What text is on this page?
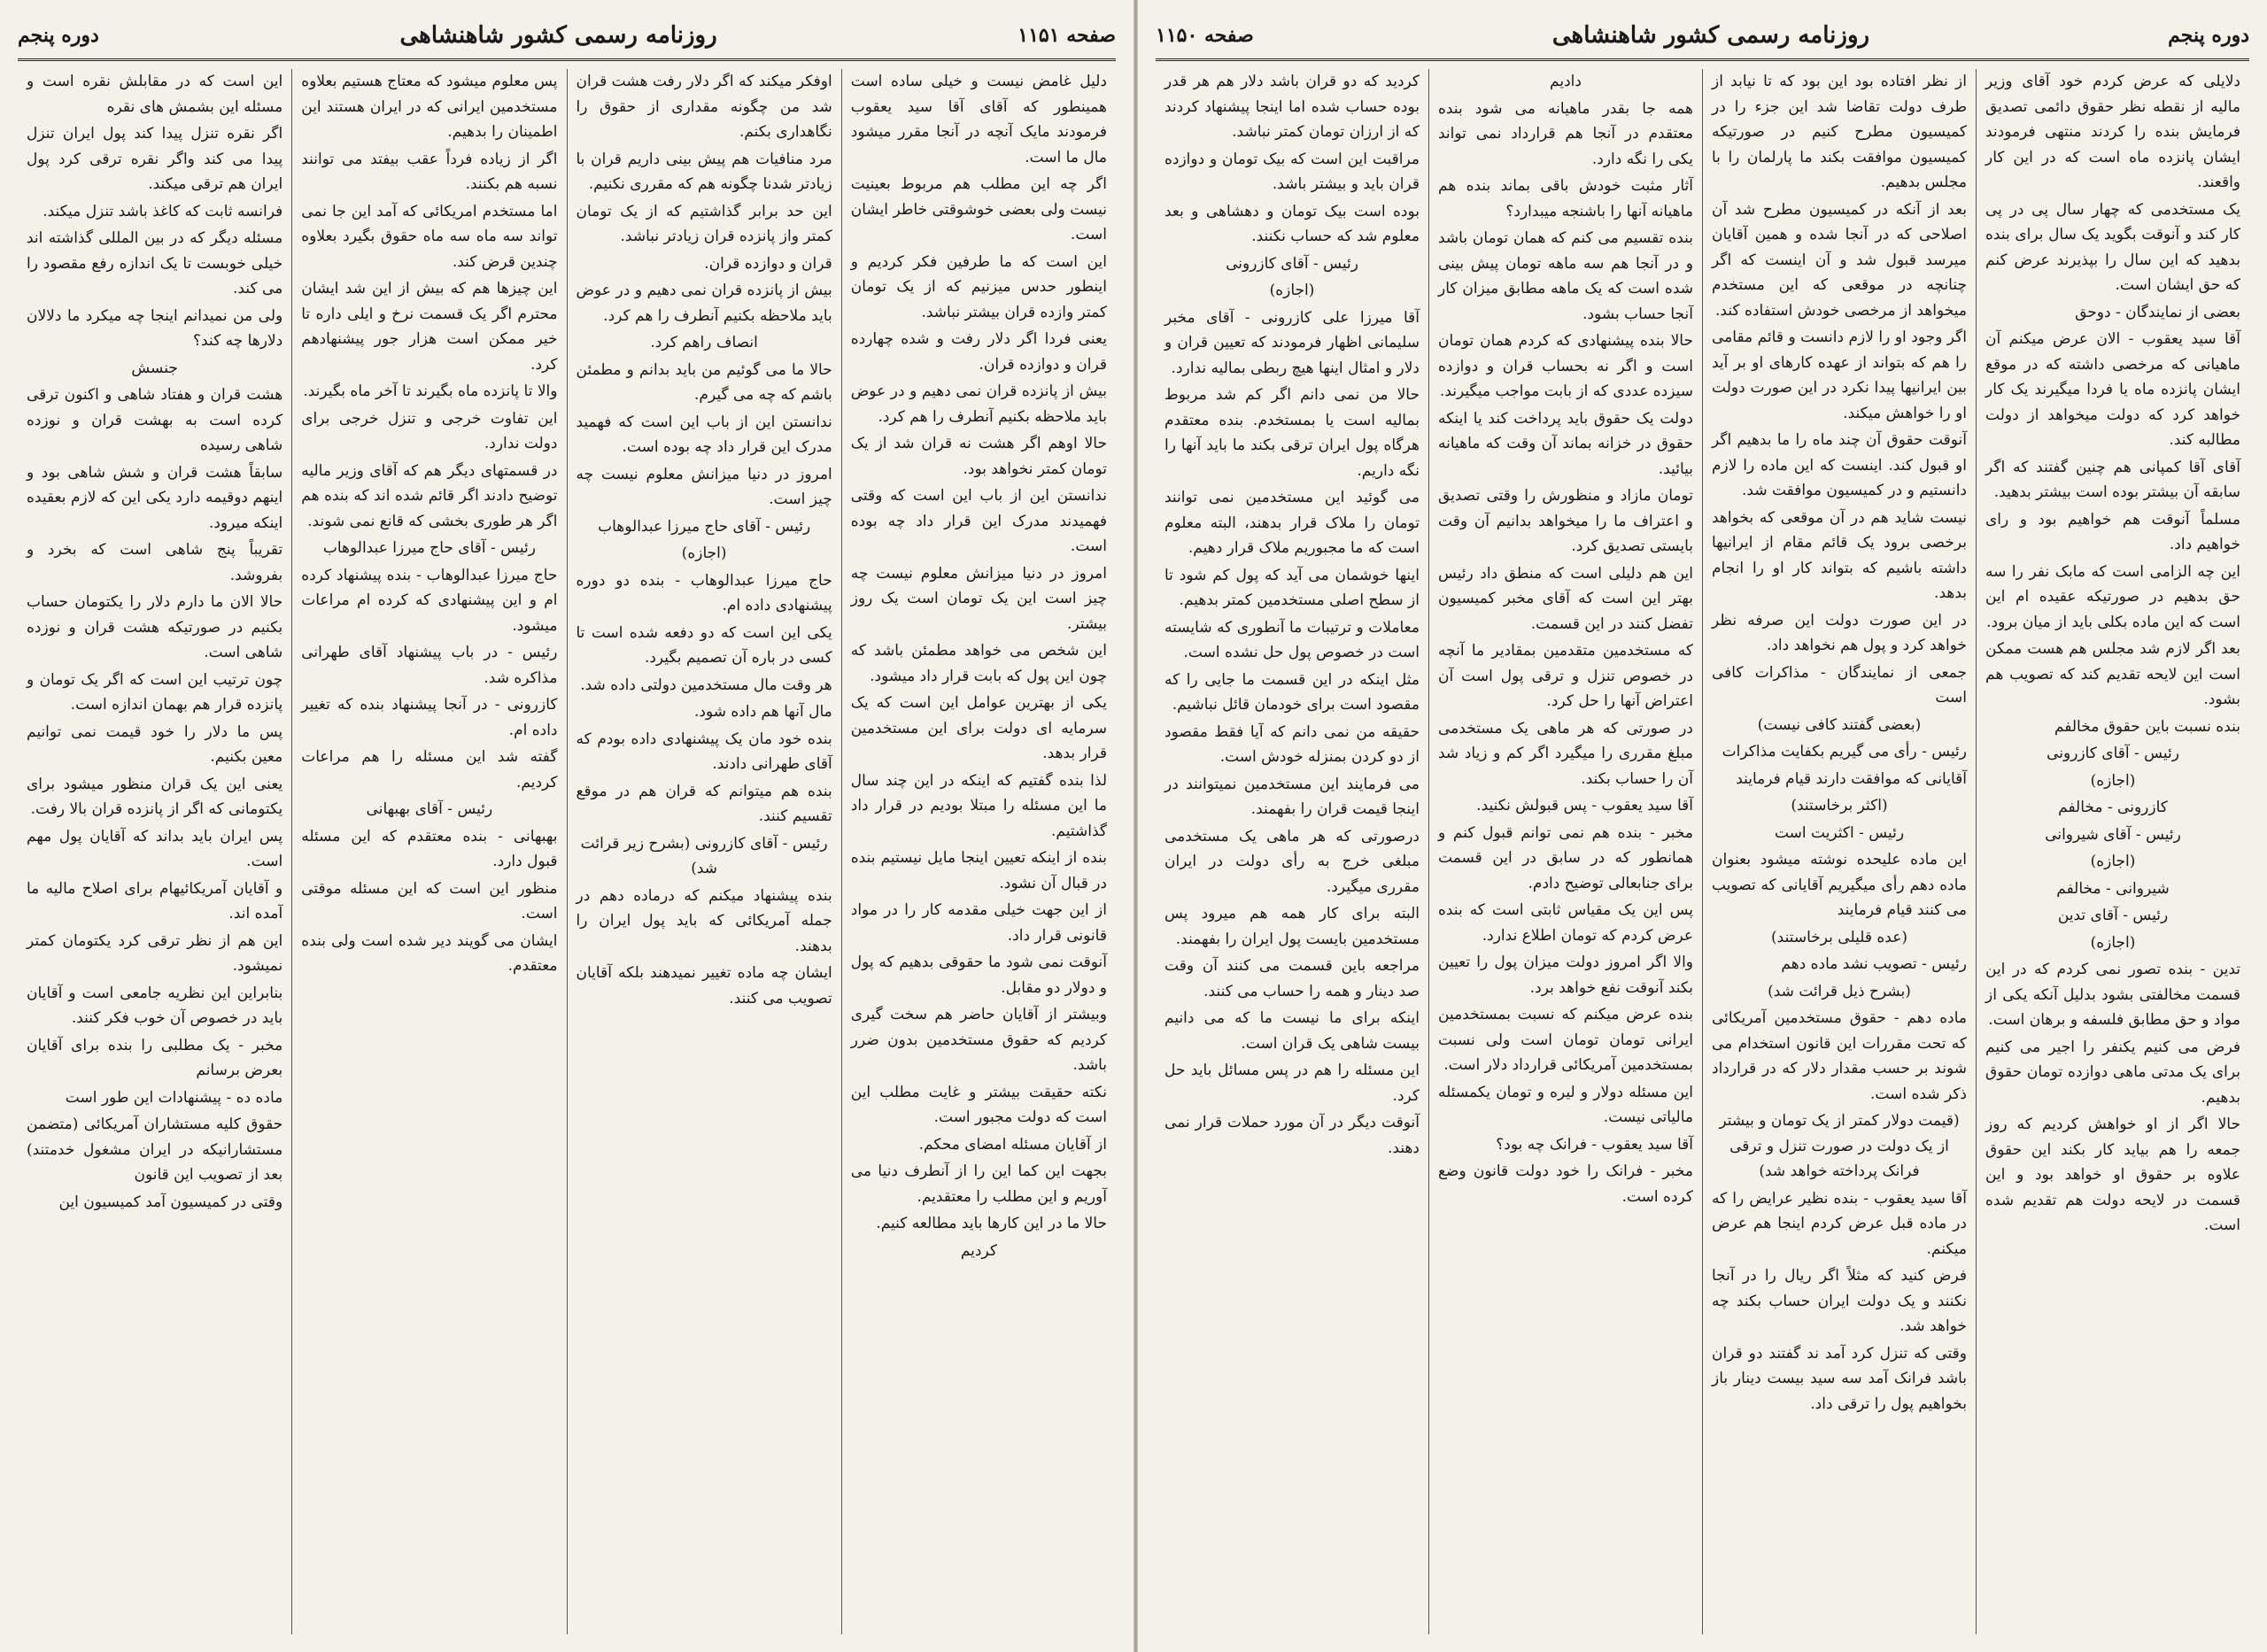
دوره پنجم	روزنامه رسمی کشور شاهنشاهی	صفحه ۱۱۵۱

دلیل غامض نیست و خیلی ساده است همینطور که آقای آقا سید یعقوب فرمودند مایک آنچه در آنجا مقرر میشود مال ما است.

اگر چه این مطلب هم مربوط بعینیت نیست ولی بعضی خوشوقتی خاطر ایشان است.

این است که ما طرفین فکر کردیم و اینطور حدس میزنیم که از یک تومان کمتر وازده قران بیشتر نباشد.

یعنی فردا اگر دلار رفت و شده چهارده قران و دوازده قران.

بیش از پانزده قران نمی دهیم و در عوض باید ملاحظه بکنیم آنطرف را هم کرد.

حالا اوهم اگر هشت نه قران شد از یک تومان کمتر نخواهد بود.

ندانستن این از باب این است که وقتی فهمیدند مدرک این قرار داد چه بوده است.

امروز در دنیا میزانش معلوم نیست چه چیز است این یک تومان است یک روز بیشتر.

این شخص می خواهد مطمئن باشد که چون این پول که بابت قرار داد میشود.

یکی از بهترین عوامل این است که یک سرمایه ای دولت برای این مستخدمین قرار بدهد.

لذا بنده گفتیم که اینکه در این چند سال ما این مسئله را مبتلا بودیم در قرار داد گذاشتیم.

بنده از اینکه تعیین اینجا مایل نیستیم بنده در قبال آن نشود.

از این جهت خیلی مقدمه کار را در مواد قانونی قرار داد.

آنوقت نمی شود ما حقوقی بدهیم که پول و دولار دو مقابل.

وبیشتر از آقایان حاضر هم سخت گیری کردیم که حقوق مستخدمین بدون ضرر باشد.

نکته حقیقت بیشتر و غایت مطلب این است که دولت مجبور است.

از آقایان مسئله امضای محکم.

بجهت این کما این را از آنطرف دنیا می آوریم و این مطلب را معتقدیم.

حالا ما در این کارها باید مطالعه کنیم.

کردیم

اوفکر میکند که اگر دلار رفت هشت قران شد من چگونه مقداری از حقوق را نگاهداری بکنم.

مرد منافیات هم پیش بینی داریم قران با زیادتر شدنا چگونه هم که مقرری نکنیم.

این حد برابر گذاشتیم که از یک تومان کمتر واز پانزده قران زیادتر نباشد.

قران و دوازده قران.

بیش از پانزده قران نمی دهیم و در عوض باید ملاحظه بکنیم آنطرف را هم کرد.

انصاف راهم کرد.

حالا ما می گوئیم من باید بدانم و مطمئن باشم که چه می گیرم.

ندانستن این از باب این است که فهمید مدرک این قرار داد چه بوده است.

امروز در دنیا میزانش معلوم نیست چه چیز است.

رئیس - آقای حاج میرزا عبدالوهاب

(اجازه)

حاج میرزا عبدالوهاب - بنده دو دوره پیشنهادی داده ام.

یکی این است که دو دفعه شده است تا کسی در باره آن تصمیم بگیرد.

هر وقت مال مستخدمین دولتی داده شد.

مال آنها هم داده شود.

بنده خود مان یک پیشنهادی داده بودم که آقای طهرانی دادند.

بنده هم میتوانم که قران هم در موقع تقسیم کنند.

رئیس - آقای کازرونی (بشرح زیر قرائت شد)

بنده پیشنهاد میکنم که درماده دهم در جمله آمریکائی که باید پول ایران را بدهند.

ایشان چه ماده تغییر نمیدهند بلکه آقایان تصویب می کنند.

پس معلوم میشود که معتاج هستیم بعلاوه مستخدمین ایرانی که در ایران هستند این اطمینان را بدهیم.

اگر از زیاده فرداً عقب بیفتد می توانند نسبه هم بکنند.

اما مستخدم امریکائی که آمد این جا نمی تواند سه ماه سه ماه حقوق بگیرد بعلاوه چندین قرض کند.

این چیزها هم که بیش از این شد ایشان محترم اگر یک قسمت نرخ و ایلی داره تا خیر ممکن است هزار جور پیشنهادهم کرد.

والا تا پانزده ماه بگیرند تا آخر ماه بگیرند.

این تفاوت خرجی و تنزل خرجی برای دولت ندارد.

در قسمتهای دیگر هم که آقای وزیر مالیه توضیح دادند اگر قائم شده اند که بنده هم اگر هر طوری بخشی که قانع نمی شوند.

رئیس - آقای حاج میرزا عبدالوهاب

حاج میرزا عبدالوهاب - بنده پیشنهاد کرده ام و این پیشنهادی که کرده ام مراعات میشود.

رئیس - در باب پیشنهاد آقای طهرانی مذاکره شد.

کازرونی - در آنجا پیشنهاد بنده که تغییر داده ام.

گفته شد این مسئله را هم مراعات کردیم.

رئیس - آقای بهبهانی

بهبهانی - بنده معتقدم که این مسئله قبول دارد.

منظور این است که این مسئله موقتی است.

ایشان می گویند دیر شده است ولی بنده معتقدم.

این است که در مقابلش نقره است و مسئله این بشمش های نقره

اگر نقره تنزل پیدا کند پول ایران تنزل پیدا می کند واگر نقره ترقی کرد پول ایران هم ترقی میکند.

فرانسه ثابت که کاغذ باشد تنزل میکند.

مسئله دیگر که در بین المللی گذاشته اند خیلی خوبست تا یک اندازه رفع مقصود را می کند.

ولی من نمیدانم اینجا چه میکرد ما دلالان دلارها چه کند؟

جنسش

هشت قران و هفتاد شاهی و اکنون ترقی کرده است به بهشت قران و نوزده شاهی رسیده

سابقاً هشت قران و شش شاهی بود و اینهم دوقیمه دارد یکی این که لازم بعقیده اینکه میرود.

تقریباً پنج شاهی است که بخرد و بفروشد.

حالا الان ما دارم دلار را یکتومان حساب بکنیم در صورتیکه هشت قران و نوزده شاهی است.

چون ترتیب این است که اگر یک تومان و پانزده قرار هم بهمان اندازه است.

پس ما دلار را خود قیمت نمی توانیم معین بکنیم.

یعنی این یک قران منظور میشود برای یکتومانی که اگر از پانزده قران بالا رفت.

پس ایران باید بداند که آقایان پول مهم است.

و آقایان آمریکائیهام برای اصلاح مالیه ما آمده اند.

این هم از نظر ترقی کرد یکتومان کمتر نمیشود.

بنابراین این نظریه جامعی است و آقایان باید در خصوص آن خوب فکر کنند.

مخبر - یک مطلبی را بنده برای آقایان بعرض برسانم

ماده ده - پیشنهادات این طور است

حقوق کلیه مستشاران آمریکائی (متضمن مستشارانیکه در ایران مشغول خدمتند) بعد از تصویب این قانون

وقتی در کمیسیون آمد کمیسیون این

صفحه ۱۱۵۰	روزنامه رسمی کشور شاهنشاهی	دوره پنجم

دلایلی که عرض کردم خود آقای وزیر مالیه از نقطه نظر حقوق دائمی تصدیق فرمایش بنده را کردند منتهی فرمودند ایشان پانزده ماه است که در این کار واقعند.

یک مستخدمی که چهار سال پی در پی کار کند و آنوقت بگوید یک سال برای بنده بدهید که این سال را بپذیرند عرض کنم که حق ایشان است.

بعضی از نمایندگان - دوحق

آقا سید یعقوب - الان عرض میکنم آن ماهیانی که مرخصی داشته که در موقع ایشان پانزده ماه یا فردا میگیرند یک کار خواهد کرد که دولت میخواهد از دولت مطالبه کند.

آقای آقا کمپانی هم چنین گفتند که اگر سابقه آن بیشتر بوده است بیشتر بدهید.

مسلماً آنوقت هم خواهیم بود و رای خواهیم داد.

این چه الزامی است که مابک نفر را سه حق بدهیم در صورتیکه عقیده ام این است که این ماده بکلی باید از میان برود.

بعد اگر لازم شد مجلس هم هست ممکن است این لایحه تقدیم کند که تصویب هم بشود.

بنده نسبت باین حقوق مخالفم

رئیس - آقای کازرونی

(اجازه)

کازرونی - مخالفم

رئیس - آقای شیروانی

(اجازه)

شیروانی - مخالفم

رئیس - آقای تدین

(اجازه)

تدین - بنده تصور نمی کردم که در این قسمت مخالفتی بشود بدلیل آنکه یکی از مواد و حق مطابق فلسفه و برهان است.

فرض می کنیم یکنفر را اجیر می کنیم برای یک مدتی ماهی دوازده تومان حقوق بدهیم.

حالا اگر از او خواهش کردیم که روز جمعه را هم بیاید کار بکند این حقوق علاوه بر حقوق او خواهد بود و این قسمت در لایحه دولت هم تقدیم شده است.

از نظر افتاده بود این بود که تا نیابد از طرف دولت تقاضا شد این جزء را در کمیسیون مطرح کنیم در صورتیکه کمیسیون موافقت بکند ما پارلمان را با مجلس بدهیم.

بعد از آنکه در کمیسیون مطرح شد آن اصلاحی که در آنجا شده و همین آقایان میرسد قبول شد و آن اینست که اگر چنانچه در موقعی که این مستخدم میخواهد از مرخصی خودش استفاده کند.

اگر وجود او را لازم دانست و قائم مقامی را هم که بتواند از عهده کارهای او بر آید بین ایرانیها پیدا نکرد در این صورت دولت او را خواهش میکند.

آنوقت حقوق آن چند ماه را ما بدهیم اگر او قبول کند. اینست که این ماده را لازم دانستیم و در کمیسیون موافقت شد.

نیست شاید هم در آن موقعی که بخواهد برخصی برود یک قائم مقام از ایرانیها داشته باشیم که بتواند کار او را انجام بدهد.

در این صورت دولت این صرفه نظر خواهد کرد و پول هم نخواهد داد.

جمعی از نمایندگان - مذاکرات کافی است

(بعضی گفتند کافی نیست)

رئیس - رأی می گیریم بکفایت مذاکرات

آقایانی که موافقت دارند قیام فرمایند

(اکثر برخاستند)

رئیس - اکثریت است

این ماده علیحده نوشته میشود بعنوان ماده دهم رأی میگیریم آقایانی که تصویب می کنند قیام فرمایند

(عده قلیلی برخاستند)

رئیس - تصویب نشد ماده دهم

(بشرح ذیل قرائت شد)

ماده دهم - حقوق مستخدمین آمریکائی که تحت مقررات این قانون استخدام می شوند بر حسب مقدار دلار که در قرارداد ذکر شده است.

(قیمت دولار کمتر از یک تومان و بیشتر از یک دولت در صورت تنزل و ترقی فرانک پرداخته خواهد شد)

آقا سید یعقوب - بنده نظیر عرایض را که در ماده قبل عرض کردم اینجا هم عرض میکنم.

فرض کنید که مثلاً اگر ریال را در آنجا نکنند و یک دولت ایران حساب بکند چه خواهد شد.

وقتی که تنزل کرد آمد ند گفتند دو قران باشد فرانک آمد سه سید بیست دینار باز بخواهیم پول را ترقی داد.

دادیم

همه جا بقدر ماهیانه می شود بنده معتقدم در آنجا هم قرارداد نمی تواند یکی را نگه دارد.

آثار مثبت خودش باقی بماند بنده هم ماهیانه آنها را باشنجه میبدارد؟

بنده تقسیم می کنم که همان تومان باشد و در آنجا هم سه ماهه تومان پیش بینی شده است که یک ماهه مطابق میزان کار آنجا حساب بشود.

حالا بنده پیشنهادی که کردم همان تومان است و اگر نه بحساب قران و دوازده سیزده عددی که از بابت مواجب میگیرند.

دولت یک حقوق باید پرداخت کند یا اینکه حقوق در خزانه بماند آن وقت که ماهیانه بیائید.

تومان مازاد و منظورش را وقتی تصدیق و اعتراف ما را میخواهد بدانیم آن وقت بایستی تصدیق کرد.

این هم دلیلی است که منطق داد رئیس بهتر این است که آقای مخبر کمیسیون تفضل کنند در این قسمت.

که مستخدمین متقدمین بمقادیر ما آنچه در خصوص تنزل و ترقی پول است آن اعتراض آنها را حل کرد.

در صورتی که هر ماهی یک مستخدمی مبلغ مقرری را میگیرد اگر کم و زیاد شد آن را حساب بکند.

آقا سید یعقوب - پس قبولش نکنید.

مخبر - بنده هم نمی توانم قبول کنم و همانطور که در سابق در این قسمت برای جنابعالی توضیح دادم.

پس این یک مقیاس ثابتی است که بنده عرض کردم که تومان اطلاع ندارد.

والا اگر امروز دولت میزان پول را تعیین بکند آنوقت نفع خواهد برد.

بنده عرض میکنم که نسبت بمستخدمین ایرانی تومان تومان است ولی نسبت بمستخدمین آمریکائی قرارداد دلار است.

این مسئله دولار و لیره و تومان یکمسئله مالیاتی نیست.

آقا سید یعقوب - فرانک چه بود؟

مخبر - فرانک را خود دولت قانون وضع کرده است.

کردید که دو قران باشد دلار هم هر قدر بوده حساب شده اما اینجا پیشنهاد کردند که از ارزان تومان کمتر نباشد.

مراقبت این است که بیک تومان و دوازده قران باید و بیشتر باشد.

بوده است بیک تومان و دهشاهی و بعد معلوم شد که حساب نکنند.

رئیس - آقای کازرونی

(اجازه)

آقا میرزا علی کازرونی - آقای مخبر سلیمانی اظهار فرمودند که تعیین قران و دلار و امثال اینها هیچ ربطی بمالیه ندارد.

حالا من نمی دانم اگر کم شد مربوط بمالیه است یا بمستخدم. بنده معتقدم هرگاه پول ایران ترقی بکند ما باید آنها را نگه داریم.

می گوئید این مستخدمین نمی توانند تومان را ملاک قرار بدهند، البته معلوم است که ما مجبوریم ملاک قرار دهیم.

اینها خوشمان می آید که پول کم شود تا از سطح اصلی مستخدمین کمتر بدهیم.

معاملات و ترتیبات ما آنطوری که شایسته است در خصوص پول حل نشده است.

مثل اینکه در این قسمت ما جایی را که مقصود است برای خودمان قائل نباشیم.

حقیقه من نمی دانم که آیا فقط مقصود از دو کردن بمنزله خودش است.

می فرمایند این مستخدمین نمیتوانند در اینجا قیمت قران را بفهمند.

درصورتی که هر ماهی یک مستخدمی مبلغی خرج به رأی دولت در ایران مقرری میگیرد.

البته برای کار همه هم میرود پس مستخدمین بایست پول ایران را بفهمند.

مراجعه باین قسمت می کنند آن وقت صد دینار و همه را حساب می کنند.

اینکه برای ما نیست ما که می دانیم بیست شاهی یک قران است.

این مسئله را هم در پس مسائل باید حل کرد.

آنوقت دیگر در آن مورد حملات قرار نمی دهند.
